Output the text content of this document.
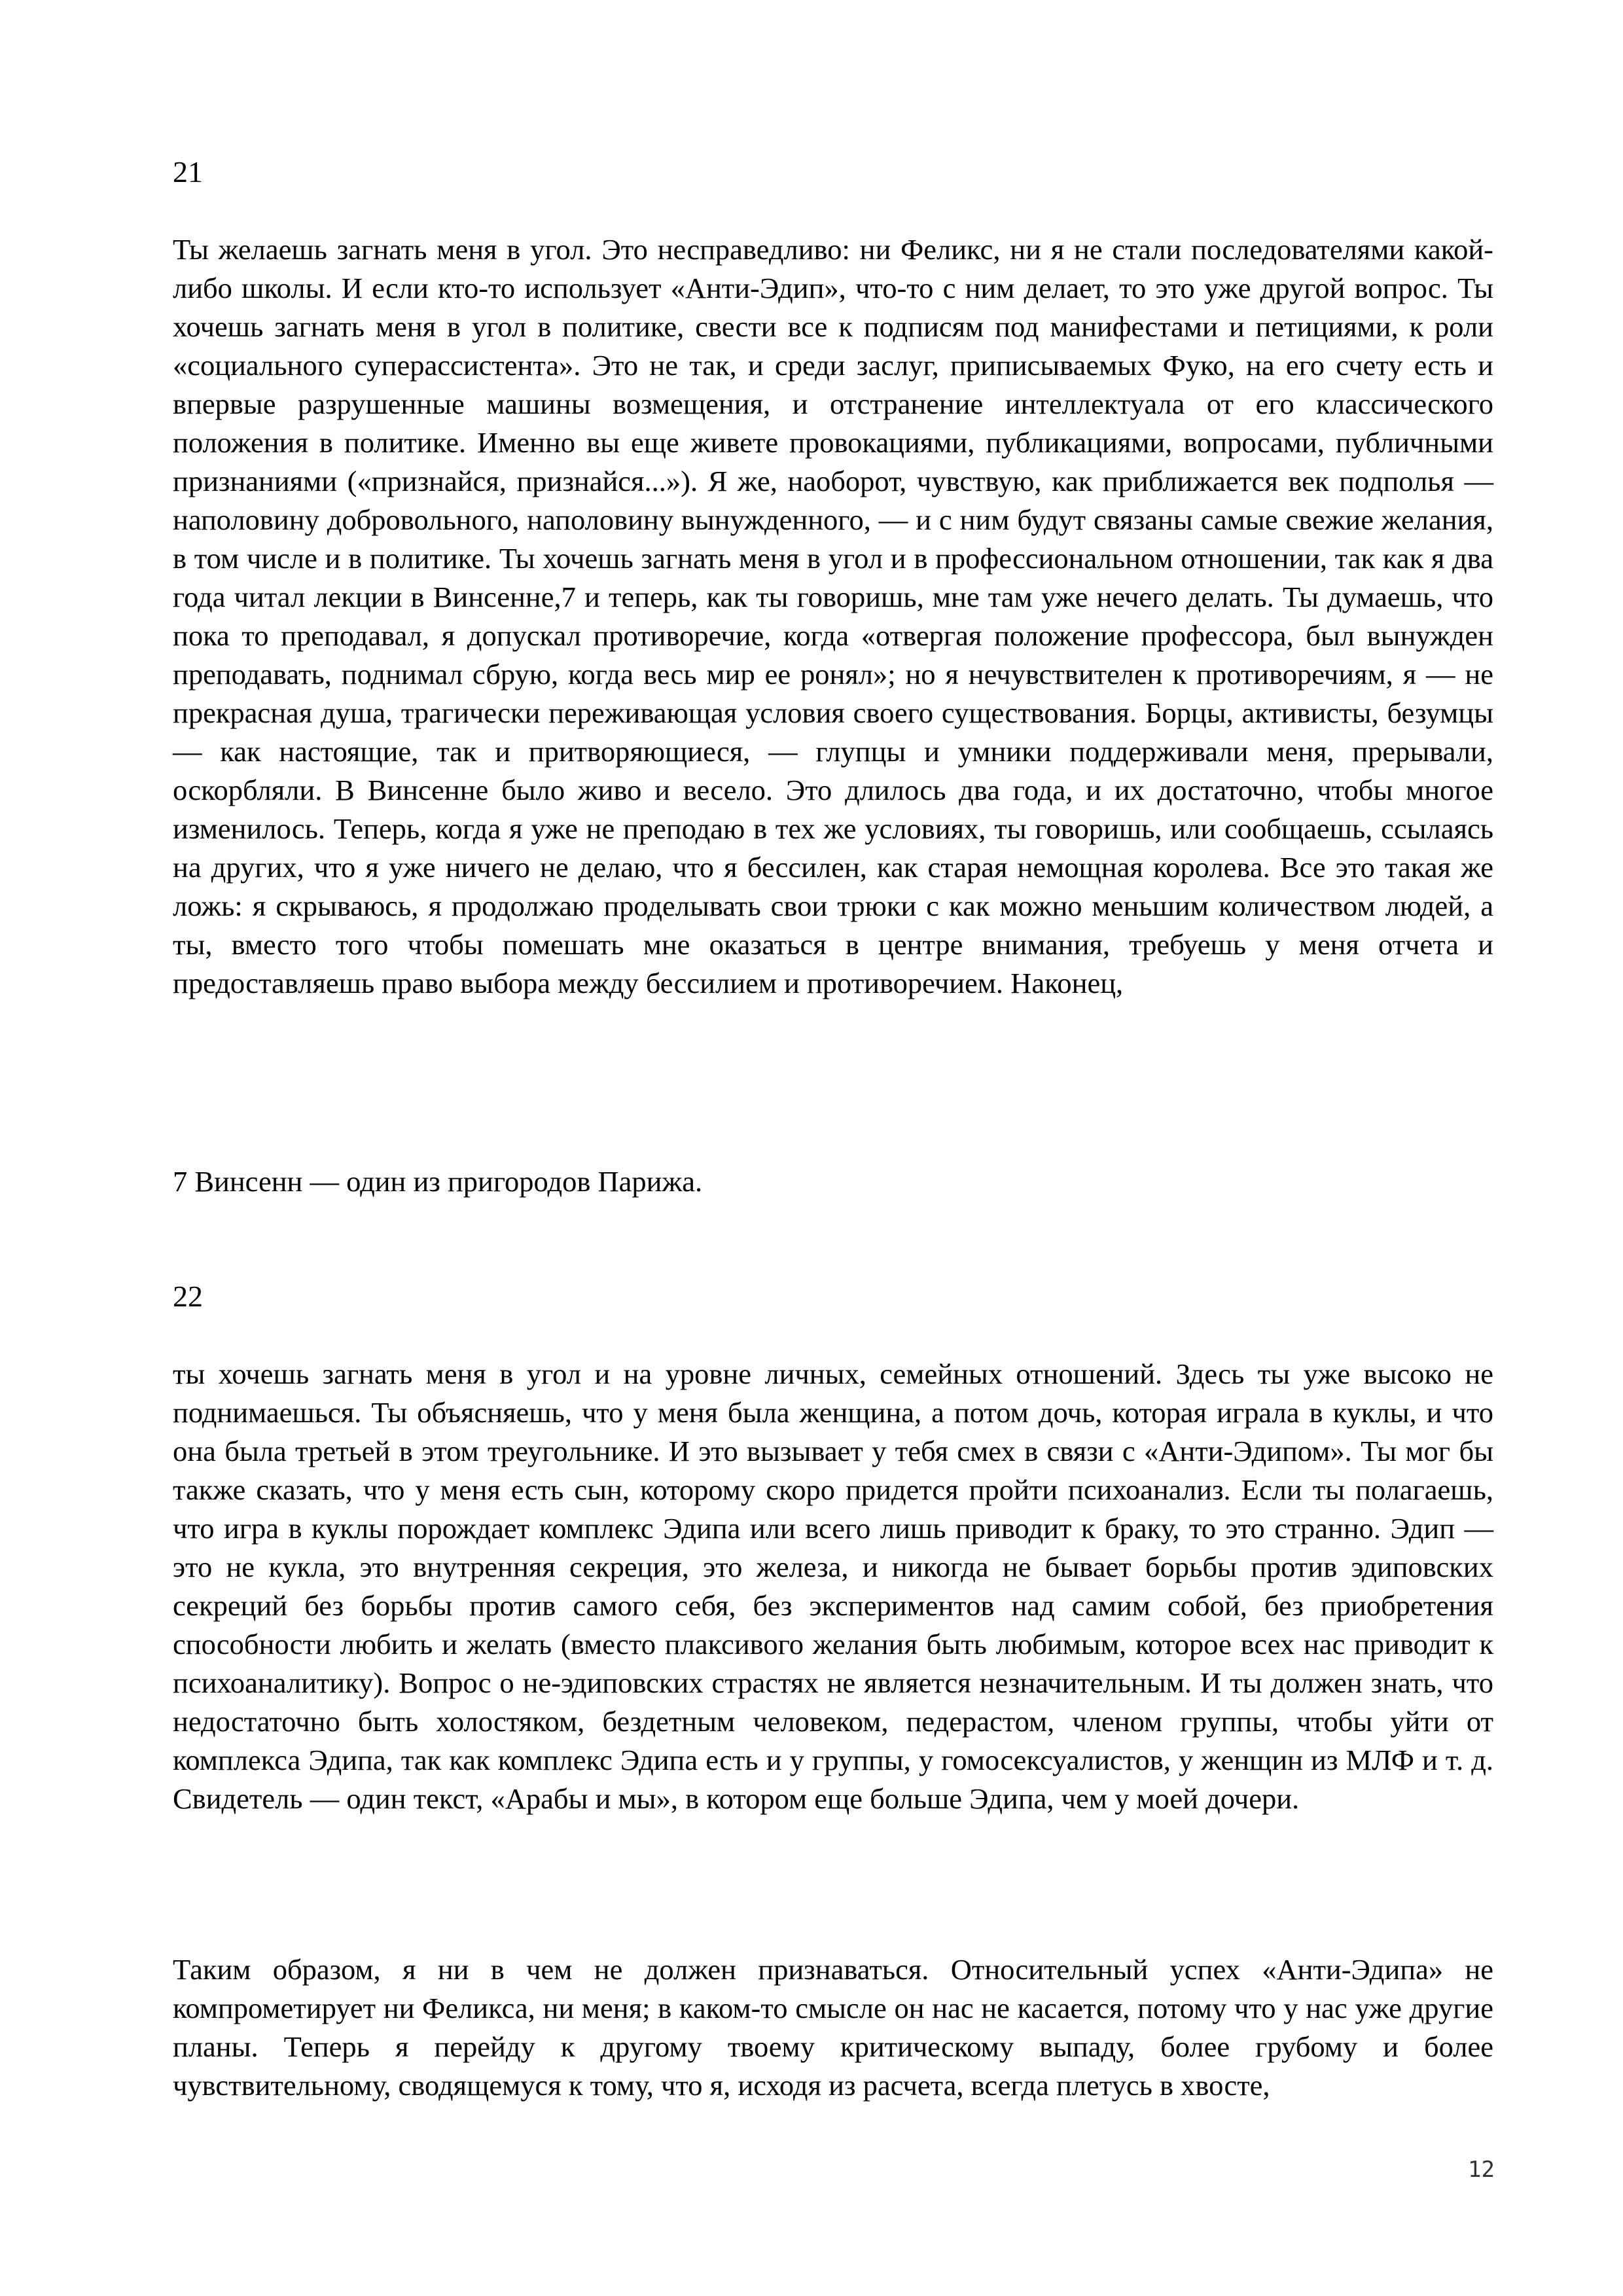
21

Ты желаешь загнать меня в угол. Это несправедливо: ни Феликс, ни я не стали последователями какой-либо школы. И если кто-то использует «Анти-Эдип», что-то с ним делает, то это уже другой вопрос. Ты хочешь загнать меня в угол в политике, свести все к подписям под манифестами и петициями, к роли «социального суперассистента». Это не так, и среди заслуг, приписываемых Фуко, на его счету есть и впервые разрушенные машины возмещения, и отстранение интеллектуала от его классического положения в политике. Именно вы еще живете провокациями, публикациями, вопросами, публичными признаниями («признайся, признайся...»). Я же, наоборот, чувствую, как приближается век подполья — наполовину добровольного, наполовину вынужденного, — и с ним будут связаны самые свежие желания, в том числе и в политике. Ты хочешь загнать меня в угол и в профессиональном отношении, так как я два года читал лекции в Винсенне,7 и теперь, как ты говоришь, мне там уже нечего делать. Ты думаешь, что пока то преподавал, я допускал противоречие, когда «отвергая положение профессора, был вынужден преподавать, поднимал сбрую, когда весь мир ее ронял»; но я нечувствителен к противоречиям, я — не прекрасная душа, трагически переживающая условия своего существования. Борцы, активисты, безумцы — как настоящие, так и притворяющиеся, — глупцы и умники поддерживали меня, прерывали, оскорбляли. В Винсенне было живо и весело. Это длилось два года, и их достаточно, чтобы многое изменилось. Теперь, когда я уже не преподаю в тех же условиях, ты говоришь, или сообщаешь, ссылаясь на других, что я уже ничего не делаю, что я бессилен, как старая немощная королева. Все это такая же ложь: я скрываюсь, я продолжаю проделывать свои трюки с как можно меньшим количеством людей, а ты, вместо того чтобы помешать мне оказаться в центре внимания, требуешь у меня отчета и предоставляешь право выбора между бессилием и противоречием. Наконец,

7 Винсенн — один из пригородов Парижа.

22

ты хочешь загнать меня в угол и на уровне личных, семейных отношений. Здесь ты уже высоко не поднимаешься. Ты объясняешь, что у меня была женщина, а потом дочь, которая играла в куклы, и что она была третьей в этом треугольнике. И это вызывает у тебя смех в связи с «Анти-Эдипом». Ты мог бы также сказать, что у меня есть сын, которому скоро придется пройти психоанализ. Если ты полагаешь, что игра в куклы порождает комплекс Эдипа или всего лишь приводит к браку, то это странно. Эдип — это не кукла, это внутренняя секреция, это железа, и никогда не бывает борьбы против эдиповских секреций без борьбы против самого себя, без экспериментов над самим собой, без приобретения способности любить и желать (вместо плаксивого желания быть любимым, которое всех нас приводит к психоаналитику). Вопрос о не-эдиповских страстях не является незначительным. И ты должен знать, что недостаточно быть холостяком, бездетным человеком, педерастом, членом группы, чтобы уйти от комплекса Эдипа, так как комплекс Эдипа есть и у группы, у гомосексуалистов, у женщин из МЛФ и т. д. Свидетель — один текст, «Арабы и мы», в котором еще больше Эдипа, чем у моей дочери.

Таким образом, я ни в чем не должен признаваться. Относительный успех «Анти-Эдипа» не компрометирует ни Феликса, ни меня; в каком-то смысле он нас не касается, потому что у нас уже другие планы. Теперь я перейду к другому твоему критическому выпаду, более грубому и более чувствительному, сводящемуся к тому, что я, исходя из расчета, всегда плетусь в хвосте,

12
